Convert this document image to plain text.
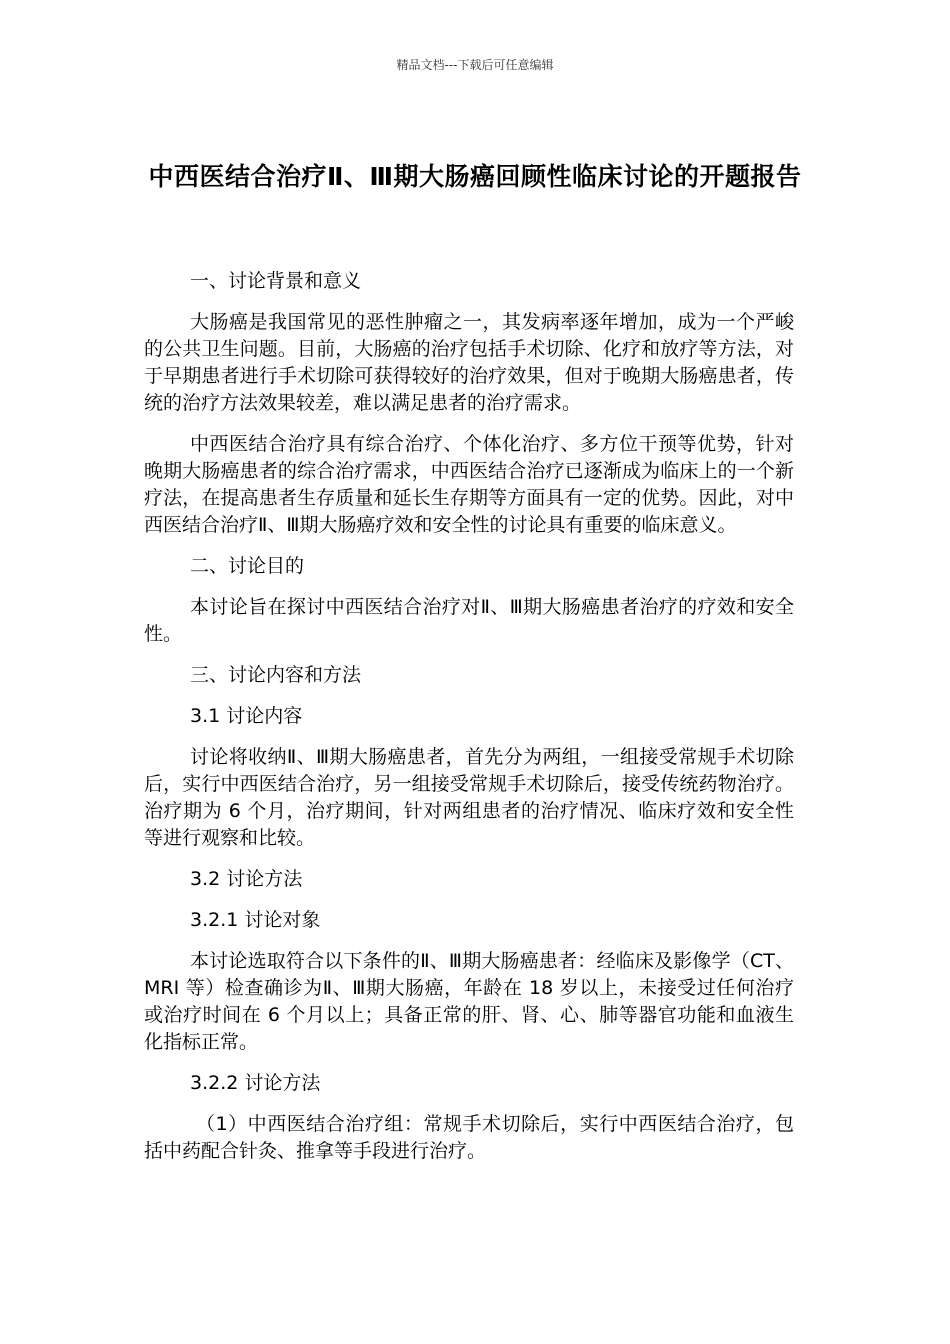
精品文档---下载后可任意编辑
中西医结合治疗Ⅱ、Ⅲ期大肠癌回顾性临床讨论的开题报告

一、讨论背景和意义

大肠癌是我国常见的恶性肿瘤之一，其发病率逐年增加，成为一个严峻的公共卫生问题。目前，大肠癌的治疗包括手术切除、化疗和放疗等方法，对于早期患者进行手术切除可获得较好的治疗效果，但对于晚期大肠癌患者，传统的治疗方法效果较差，难以满足患者的治疗需求。

中西医结合治疗具有综合治疗、个体化治疗、多方位干预等优势，针对晚期大肠癌患者的综合治疗需求，中西医结合治疗已逐渐成为临床上的一个新疗法，在提高患者生存质量和延长生存期等方面具有一定的优势。因此，对中西医结合治疗Ⅱ、Ⅲ期大肠癌疗效和安全性的讨论具有重要的临床意义。

二、讨论目的

本讨论旨在探讨中西医结合治疗对Ⅱ、Ⅲ期大肠癌患者治疗的疗效和安全性。

三、讨论内容和方法

3.1 讨论内容

讨论将收纳Ⅱ、Ⅲ期大肠癌患者，首先分为两组，一组接受常规手术切除后，实行中西医结合治疗，另一组接受常规手术切除后，接受传统药物治疗。治疗期为 6 个月，治疗期间，针对两组患者的治疗情况、临床疗效和安全性等进行观察和比较。

3.2 讨论方法

3.2.1 讨论对象

本讨论选取符合以下条件的Ⅱ、Ⅲ期大肠癌患者：经临床及影像学（CT、MRI 等）检查确诊为Ⅱ、Ⅲ期大肠癌，年龄在 18 岁以上，未接受过任何治疗或治疗时间在 6 个月以上；具备正常的肝、肾、心、肺等器官功能和血液生化指标正常。

3.2.2 讨论方法

（1）中西医结合治疗组：常规手术切除后，实行中西医结合治疗，包括中药配合针灸、推拿等手段进行治疗。
